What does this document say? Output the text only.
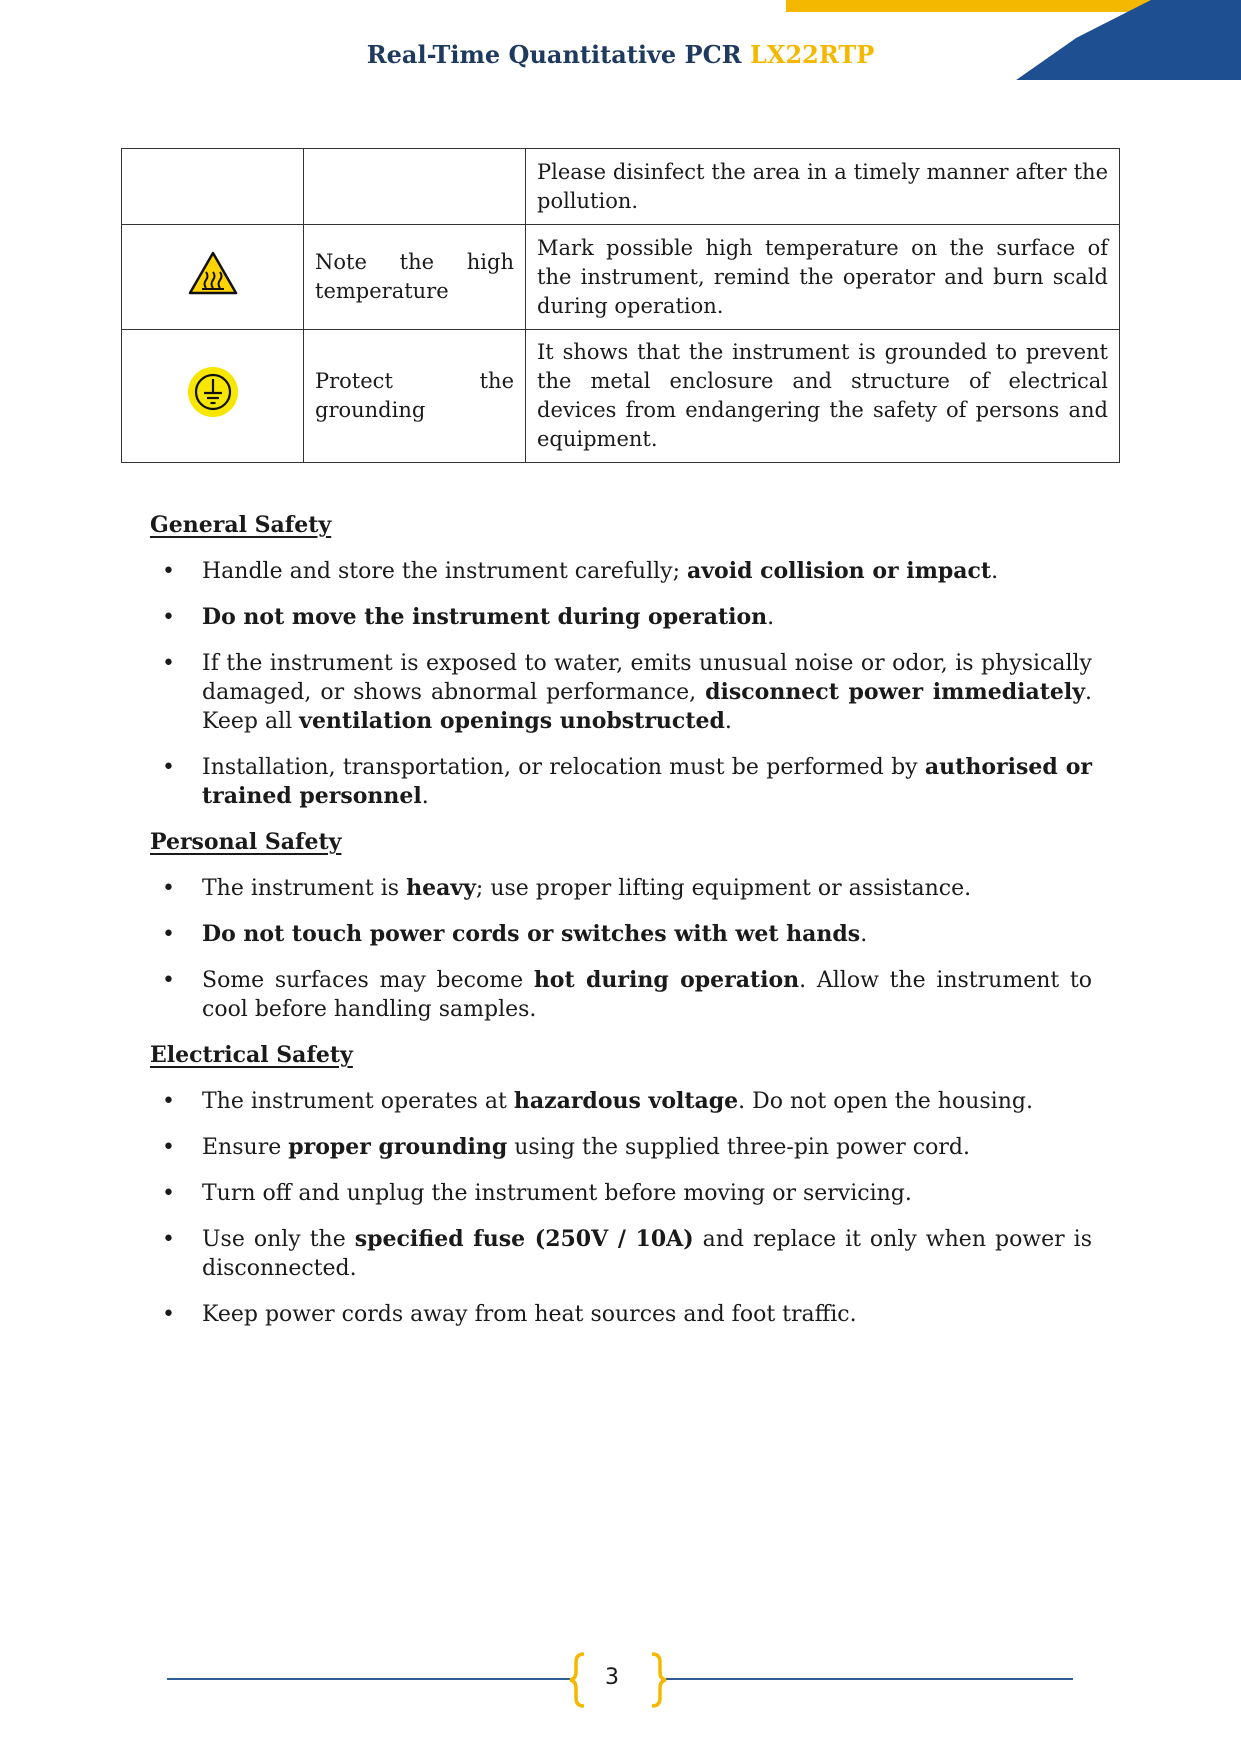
Real-Time Quantitative PCR LX22RTP
		Please disinfect the area in a timely manner after the pollution.
	Note the high
temperature	Mark possible high temperature on the surface of the instrument, remind the operator and burn scald during operation.
	Protect the
grounding	It shows that the instrument is grounded to prevent the metal enclosure and structure of electrical devices from endangering the safety of persons and equipment.
General Safety
• Handle and store the instrument carefully; avoid collision or impact.
• Do not move the instrument during operation.
• If the instrument is exposed to water, emits unusual noise or odor, is physically damaged, or shows abnormal performance, disconnect power immediately. Keep all ventilation openings unobstructed.
• Installation, transportation, or relocation must be performed by authorised or trained personnel.
Personal Safety
• The instrument is heavy; use proper lifting equipment or assistance.
• Do not touch power cords or switches with wet hands.
• Some surfaces may become hot during operation. Allow the instrument to cool before handling samples.
Electrical Safety
• The instrument operates at hazardous voltage. Do not open the housing.
• Ensure proper grounding using the supplied three-pin power cord.
• Turn off and unplug the instrument before moving or servicing.
• Use only the specified fuse (250V / 10A) and replace it only when power is disconnected.
• Keep power cords away from heat sources and foot traffic.
3
